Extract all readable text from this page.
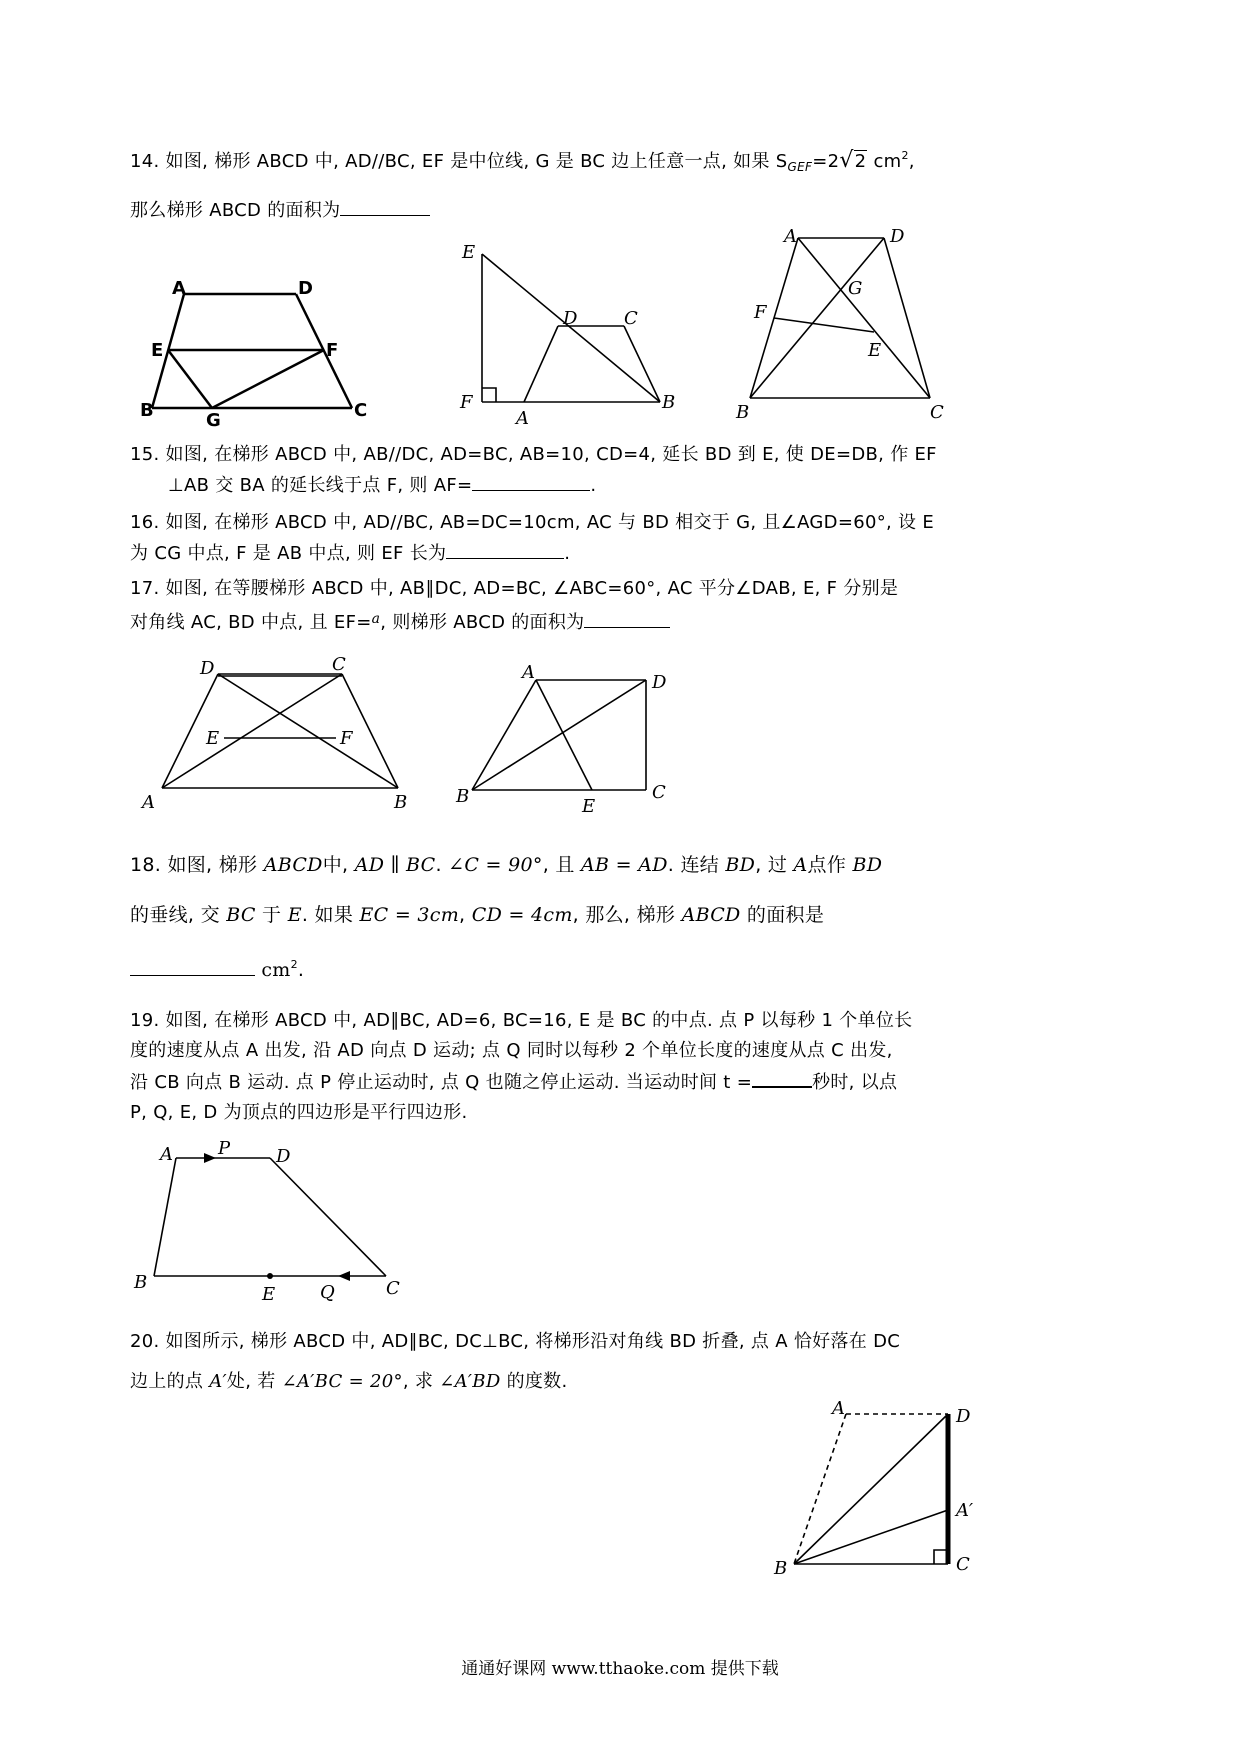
14. 如图, 梯形 ABCD 中, AD//BC, EF 是中位线, G 是 BC 边上任意一点, 如果 $S_{GEF}=2√2$ $cm^2$,
那么梯形 ABCD 的面积为
A	D
E	F
B	G	C
E
D	C
F
A
B
A	D
G
F
E
B	C
15. 如图, 在梯形 ABCD 中, AB//DC, AD=BC, AB=10, CD=4, 延长 BD 到 E, 使 DE=DB, 作 EF
⊥AB 交 BA 的延长线于点 F, 则 AF=	.
16. 如图, 在梯形 ABCD 中, AD//BC, AB=DC=10cm, AC 与 BD 相交于 G, 且∠AGD=60°, 设 E
为 CG 中点, F 是 AB 中点, 则 EF 长为	.
17. 如图, 在等腰梯形 ABCD 中, AB∥DC, AD=BC, ∠ABC=60°, AC 平分∠DAB, E, F 分别是
对角线 AC, BD 中点, 且 EF=$^a$, 则梯形 ABCD 的面积为
D	C
E	F
A	B
A	D
B	E
C
18. 如图, 梯形 ABCD中, AD ∥ BC. ∠C = 90°, 且 AB = AD. 连结 BD, 过 A点作 BD
的垂线, 交 BC 于 E. 如果 EC = 3cm, CD = 4cm, 那么, 梯形 ABCD 的面积是
$cm^2$.
19. 如图, 在梯形 ABCD 中, AD∥BC, AD=6, BC=16, E 是 BC 的中点. 点 P 以每秒 1 个单位长
度的速度从点 A 出发, 沿 AD 向点 D 运动; 点 Q 同时以每秒 2 个单位长度的速度从点 C 出发,
沿 CB 向点 B 运动. 点 P 停止运动时, 点 Q 也随之停止运动. 当运动时间 t =	秒时, 以点
P, Q, E, D 为顶点的四边形是平行四边形.
A	P	D
B
E Q	C
20. 如图所示, 梯形 ABCD 中, AD∥BC, DC⊥BC, 将梯形沿对角线 BD 折叠, 点 A 恰好落在 DC
边上的点 A′处, 若 ∠A′BC = 20°, 求 ∠A′BD 的度数.
A	D
A′
B	C
通通好课网 www.tthaoke.com 提供下载
